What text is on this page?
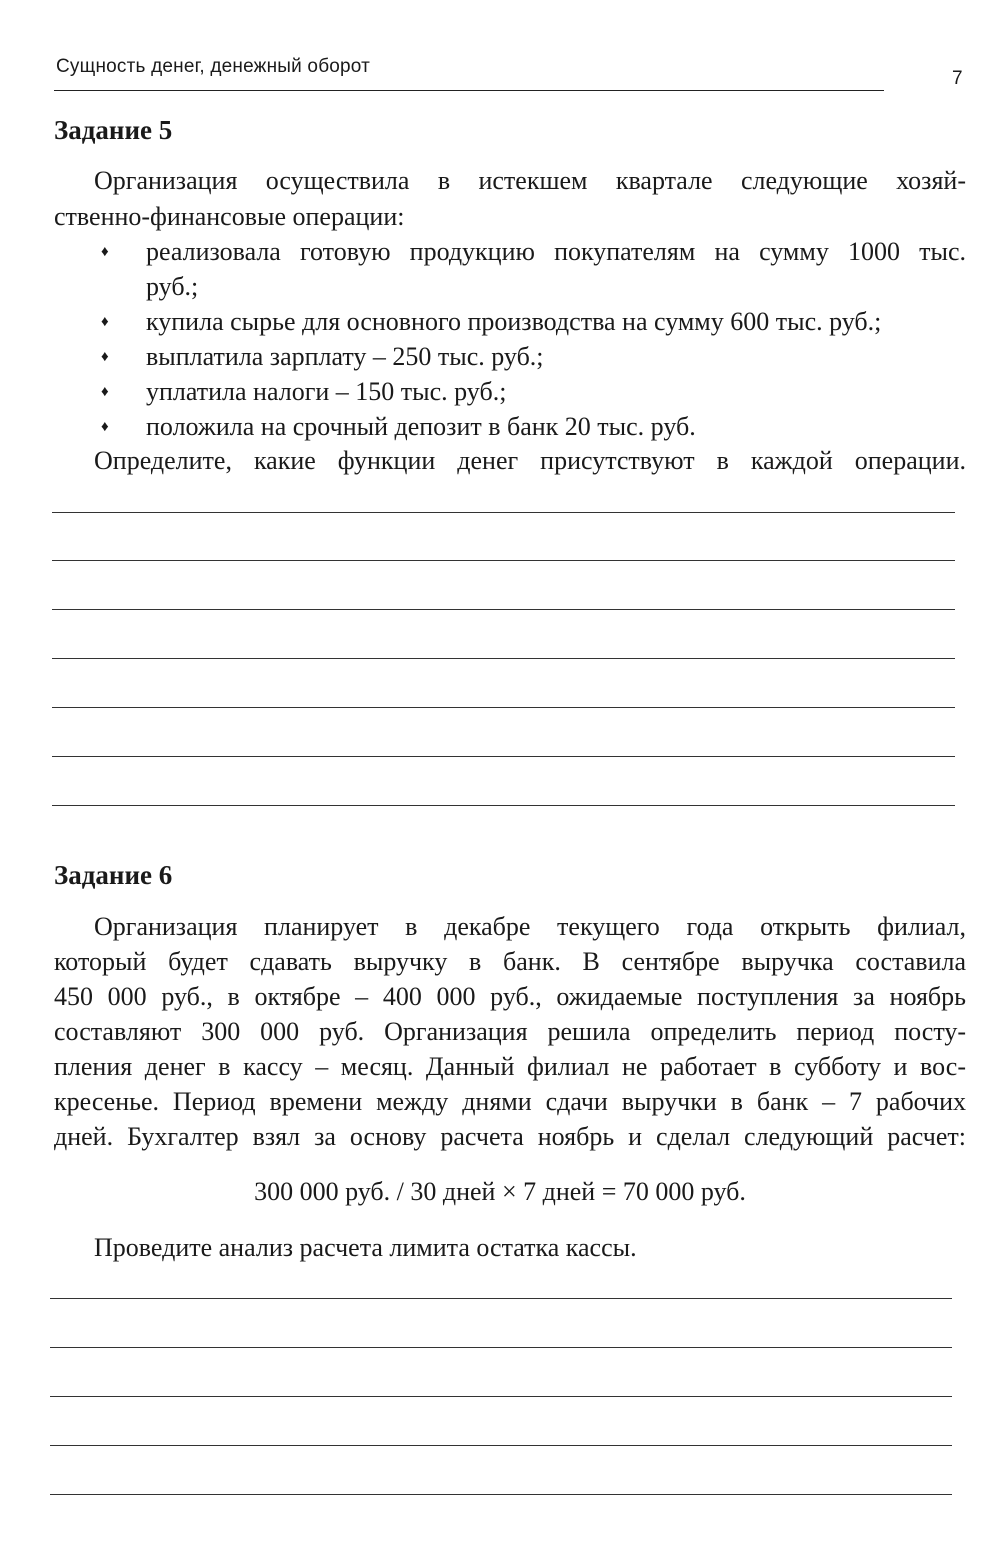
Сущность денег, денежный оборот
7
Задание 5
Организация осуществила в истекшем квартале следующие хозяй-
ственно-финансовые операции:
♦ реализовала готовую продукцию покупателям на сумму 1000 тыс.
руб.;
♦ купила сырье для основного производства на сумму 600 тыс. руб.;
♦ выплатила зарплату – 250 тыс. руб.;
♦ уплатила налоги – 150 тыс. руб.;
♦ положила на срочный депозит в банк 20 тыс. руб.
Определите, какие функции денег присутствуют в каждой операции.
Задание 6
Организация планирует в декабре текущего года открыть филиал,
который будет сдавать выручку в банк. В сентябре выручка составила
450 000 руб., в октябре – 400 000 руб., ожидаемые поступления за ноябрь
составляют 300 000 руб. Организация решила определить период посту-
пления денег в кассу – месяц. Данный филиал не работает в субботу и вос-
кресенье. Период времени между днями сдачи выручки в банк – 7 рабочих
дней. Бухгалтер взял за основу расчета ноябрь и сделал следующий расчет:
300 000 руб. / 30 дней × 7 дней = 70 000 руб.
Проведите анализ расчета лимита остатка кассы.
